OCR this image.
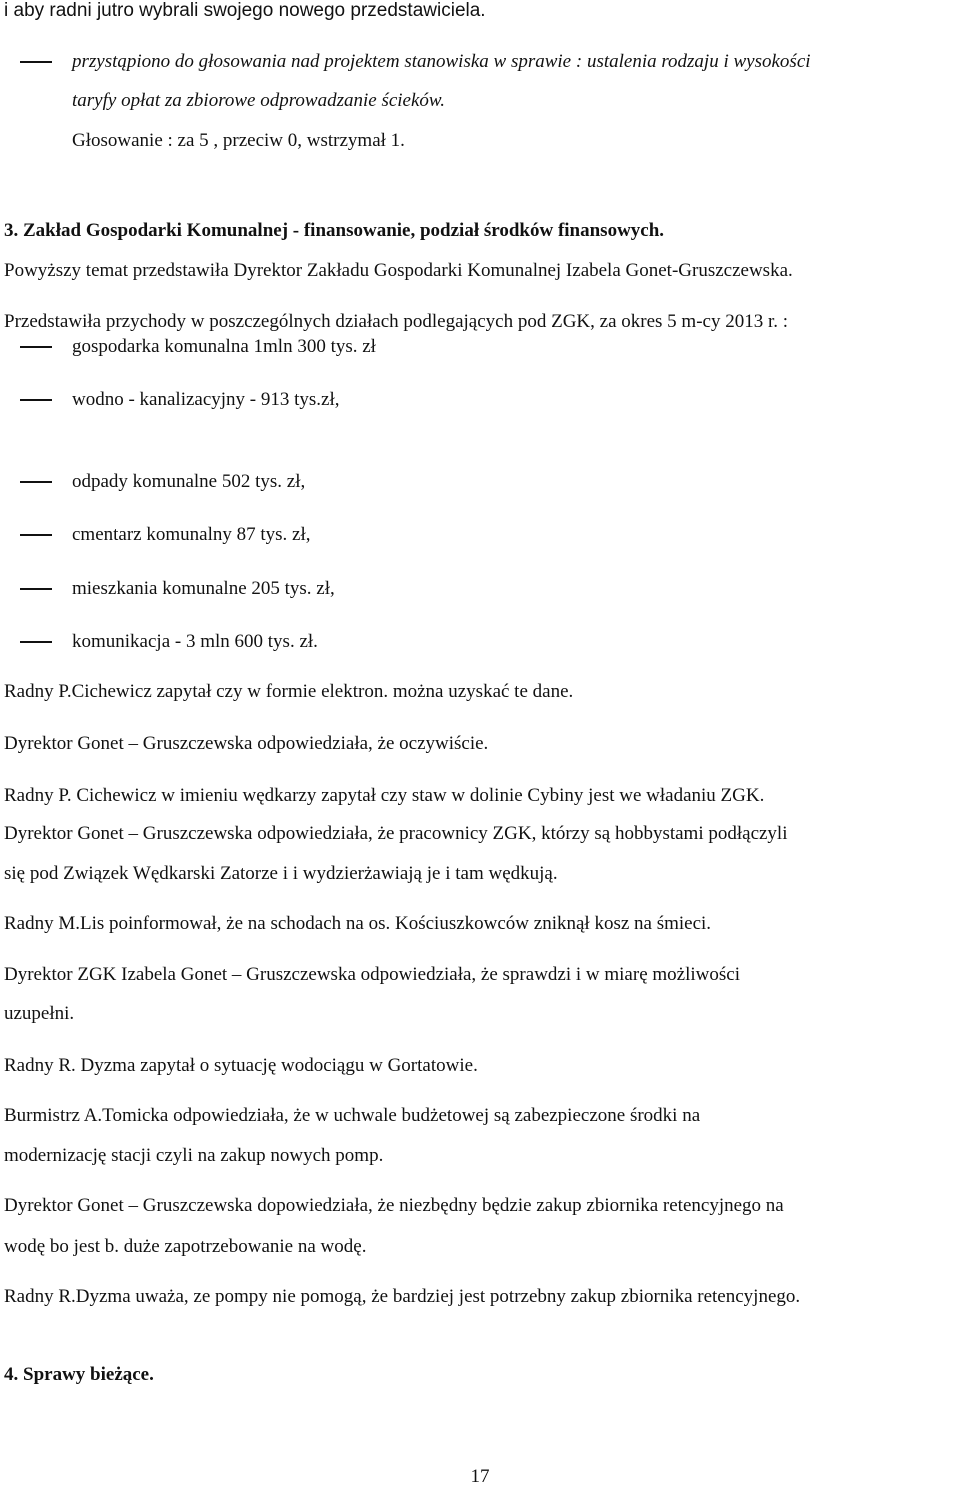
i aby radni jutro wybrali swojego nowego przedstawiciela.
przystąpiono do głosowania nad projektem stanowiska w sprawie : ustalenia rodzaju i wysokości
taryfy opłat za zbiorowe odprowadzanie ścieków.
Głosowanie : za 5 , przeciw 0, wstrzymał 1.
3. Zakład Gospodarki Komunalnej - finansowanie, podział środków finansowych.
Powyższy temat przedstawiła Dyrektor Zakładu Gospodarki Komunalnej Izabela Gonet-Gruszczewska.
Przedstawiła przychody w poszczególnych działach podlegających pod ZGK, za okres 5 m-cy 2013 r. :
gospodarka komunalna 1mln 300 tys. zł
wodno - kanalizacyjny - 913 tys.zł,
odpady komunalne 502 tys. zł,
cmentarz komunalny 87 tys. zł,
mieszkania komunalne 205 tys. zł,
komunikacja - 3 mln 600 tys. zł.
Radny P.Cichewicz zapytał czy w formie elektron. można uzyskać te dane.
Dyrektor Gonet – Gruszczewska odpowiedziała, że oczywiście.
Radny P. Cichewicz w imieniu wędkarzy zapytał czy staw w dolinie Cybiny jest we władaniu ZGK.
Dyrektor Gonet – Gruszczewska odpowiedziała, że pracownicy ZGK, którzy są hobbystami podłączyli
się pod Związek Wędkarski Zatorze i i wydzierżawiają je i tam wędkują.
Radny M.Lis poinformował, że na schodach na os. Kościuszkowców zniknął kosz na śmieci.
Dyrektor ZGK Izabela Gonet – Gruszczewska odpowiedziała, że sprawdzi i w miarę możliwości
uzupełni.
Radny R. Dyzma zapytał o sytuację wodociągu w Gortatowie.
Burmistrz A.Tomicka odpowiedziała, że w uchwale budżetowej są zabezpieczone środki na
modernizację stacji czyli na zakup nowych pomp.
Dyrektor Gonet – Gruszczewska dopowiedziała, że niezbędny będzie zakup zbiornika retencyjnego na
wodę bo jest b. duże zapotrzebowanie na wodę.
Radny R.Dyzma uważa, ze pompy nie pomogą, że bardziej jest potrzebny zakup zbiornika retencyjnego.
4. Sprawy bieżące.
17
